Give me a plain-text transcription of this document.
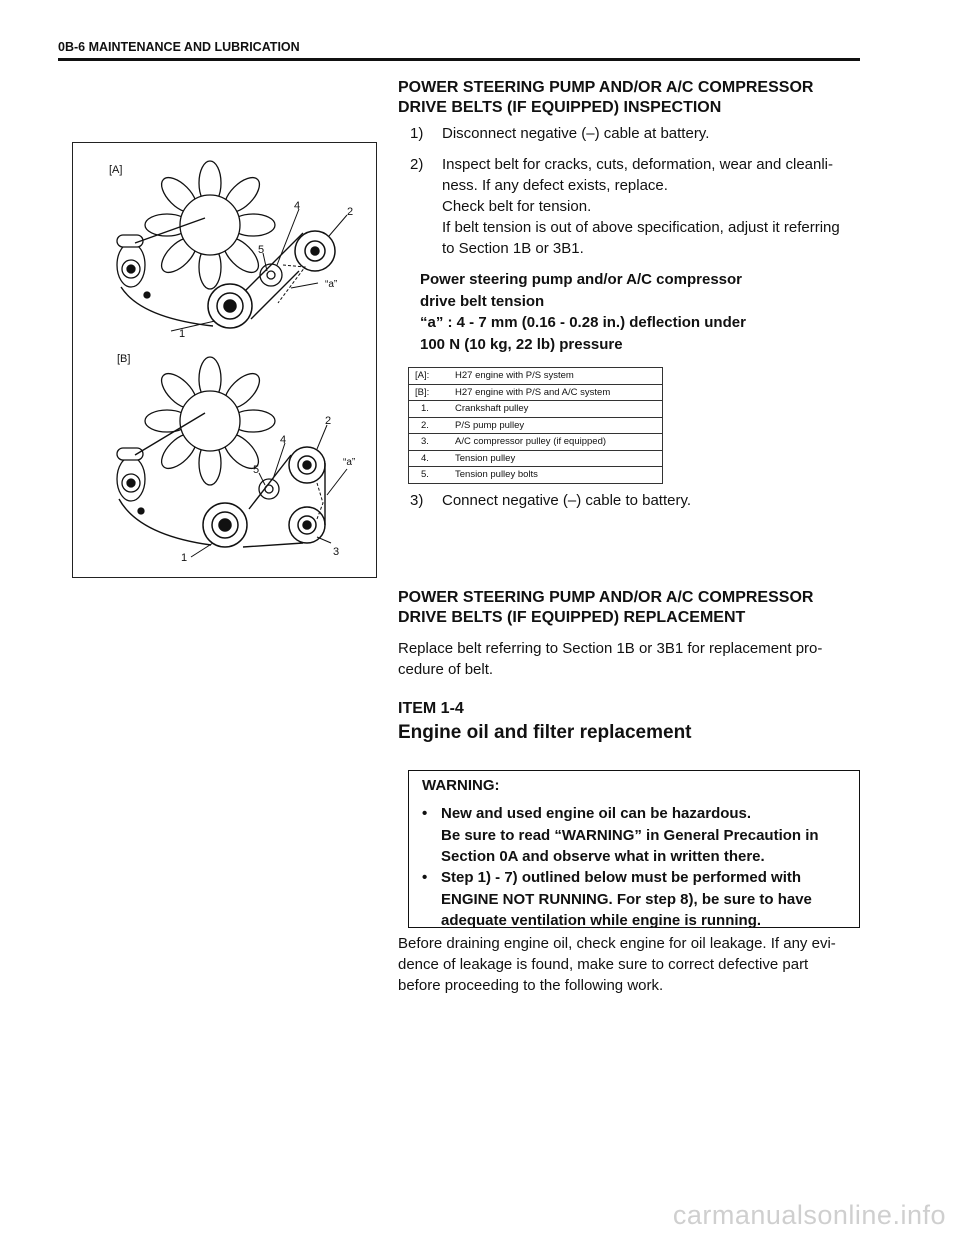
0B-6 MAINTENANCE AND LUBRICATION

POWER STEERING PUMP AND/OR A/C COMPRESSOR

DRIVE BELTS (IF EQUIPPED) INSPECTION

1) Disconnect negative (–) cable at battery.
2) Inspect belt for cracks, cuts, deformation, wear and cleanli-
ness. If any defect exists, replace.
Check belt for tension.
If belt tension is out of above specification, adjust it referring
to Section 1B or 3B1.
Power steering pump and/or A/C compressor
drive belt tension
“a” : 4 - 7 mm (0.16 - 0.28 in.) deflection under
100 N (10 kg, 22 lb) pressure
[A]:	H27 engine with P/S system
[B]:	H27 engine with P/S and A/C system
1.	Crankshaft pulley
2.	P/S pump pulley
3.	A/C compressor pulley (if equipped)
4.	Tension pulley
5.	Tension pulley bolts
3) Connect negative (–) cable to battery.
[A]
1
2
4
5
“a”
[B]
1
2
3
4
5
“a”

POWER STEERING PUMP AND/OR A/C COMPRESSOR

DRIVE BELTS (IF EQUIPPED) REPLACEMENT

Replace belt referring to Section 1B or 3B1 for replacement pro-

cedure of belt.

ITEM 1-4
Engine oil and filter replacement
WARNING:
• New and used engine oil can be hazardous.
Be sure to read “WARNING” in General Precaution in
Section 0A and observe what in written there.
• Step 1) - 7) outlined below must be performed with
ENGINE NOT RUNNING. For step 8), be sure to have
adequate ventilation while engine is running.

Before draining engine oil, check engine for oil leakage. If any evi-

dence of leakage is found, make sure to correct defective part

before proceeding to the following work.

carmanualsonline.info
